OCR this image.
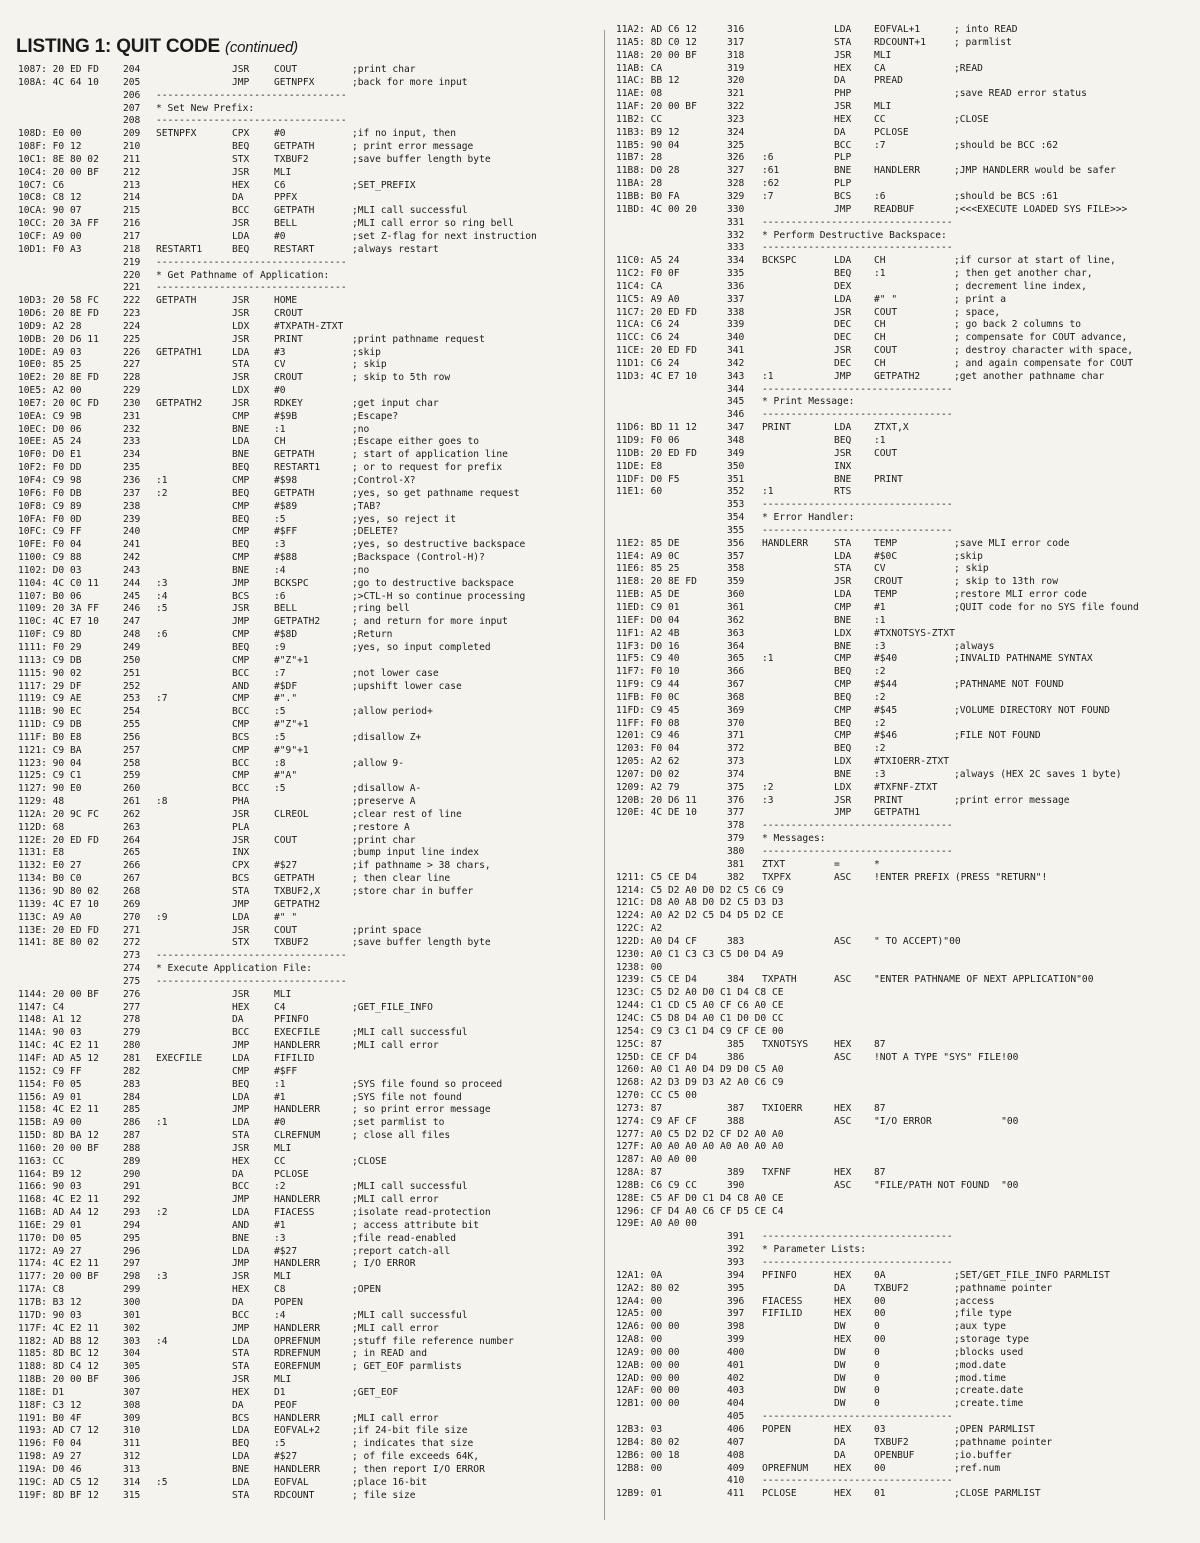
LISTING 1: QUIT CODE (continued)
1087: 20 ED FD	204	JSR	COUT	;print char
108A: 4C 64 10	205	JMP	GETNPFX	;back for more input
206 ---------------------------------
207 * Set New Prefix:
208 ---------------------------------
108D: E0 00	209 SETNPFX	CPX	#0	;if no input, then
108F: F0 12	210	BEQ	GETPATH	; print error message
10C1: 8E 80 02	211	STX	TXBUF2	;save buffer length byte
10C4: 20 00 BF	212	JSR	MLI
10C7: C6	213	HEX	C6	;SET_PREFIX
10C8: C8 12	214	DA	PPFX
10CA: 90 07	215	BCC	GETPATH	;MLI call successful
10CC: 20 3A FF	216	JSR	BELL	;MLI call error so ring bell
10CF: A9 00	217	LDA	#0	;set Z-flag for next instruction
10D1: F0 A3	218 RESTART1	BEQ	RESTART	;always restart
219 ---------------------------------
220 * Get Pathname of Application:
221 ---------------------------------
10D3: 20 58 FC	222 GETPATH	JSR	HOME
10D6: 20 8E FD	223	JSR	CROUT
10D9: A2 28	224	LDX	#TXPATH-ZTXT
10DB: 20 D6 11	225	JSR	PRINT	;print pathname request
10DE: A9 03	226 GETPATH1	LDA	#3	;skip
10E0: 85 25	227	STA	CV	; skip
10E2: 20 8E FD	228	JSR	CROUT	; skip to 5th row
10E5: A2 00	229	LDX	#0
10E7: 20 0C FD	230 GETPATH2	JSR	RDKEY	;get input char
10EA: C9 9B	231	CMP	#$9B	;Escape?
10EC: D0 06	232	BNE	:1	;no
10EE: A5 24	233	LDA	CH	;Escape either goes to
10F0: D0 E1	234	BNE	GETPATH	; start of application line
10F2: F0 DD	235	BEQ	RESTART1	; or to request for prefix
10F4: C9 98	236 :1	CMP	#$98	;Control-X?
10F6: F0 DB	237 :2	BEQ	GETPATH	;yes, so get pathname request
10F8: C9 89	238	CMP	#$89	;TAB?
10FA: F0 0D	239	BEQ	:5	;yes, so reject it
10FC: C9 FF	240	CMP	#$FF	;DELETE?
10FE: F0 04	241	BEQ	:3	;yes, so destructive backspace
1100: C9 88	242	CMP	#$88	;Backspace (Control-H)?
1102: D0 03	243	BNE	:4	;no
1104: 4C C0 11	244 :3	JMP	BCKSPC	;go to destructive backspace
1107: B0 06	245 :4	BCS	:6	;>CTL-H so continue processing
1109: 20 3A FF	246 :5	JSR	BELL	;ring bell
110C: 4C E7 10	247	JMP	GETPATH2	; and return for more input
110F: C9 8D	248 :6	CMP	#$8D	;Return
1111: F0 29	249	BEQ	:9	;yes, so input completed
1113: C9 DB	250	CMP	#"Z"+1
1115: 90 02	251	BCC	:7	;not lower case
1117: 29 DF	252	AND	#$DF	;upshift lower case
1119: C9 AE	253 :7	CMP	#"."
111B: 90 EC	254	BCC	:5	;allow period+
111D: C9 DB	255	CMP	#"Z"+1
111F: B0 E8	256	BCS	:5	;disallow Z+
1121: C9 BA	257	CMP	#"9"+1
1123: 90 04	258	BCC	:8	;allow 9-
1125: C9 C1	259	CMP	#"A"
1127: 90 E0	260	BCC	:5	;disallow A-
1129: 48	261 :8	PHA	;preserve A
112A: 20 9C FC	262	JSR	CLREOL	;clear rest of line
112D: 68	263	PLA	;restore A
112E: 20 ED FD	264	JSR	COUT	;print char
1131: E8	265	INX	;bump input line index
1132: E0 27	266	CPX	#$27	;if pathname > 38 chars,
1134: B0 C0	267	BCS	GETPATH	; then clear line
1136: 9D 80 02	268	STA	TXBUF2,X	;store char in buffer
1139: 4C E7 10	269	JMP	GETPATH2
113C: A9 A0	270 :9	LDA	#" "
113E: 20 ED FD	271	JSR	COUT	;print space
1141: 8E 80 02	272	STX	TXBUF2	;save buffer length byte
273 ---------------------------------
274 * Execute Application File:
275 ---------------------------------
1144: 20 00 BF	276	JSR	MLI
1147: C4	277	HEX	C4	;GET_FILE_INFO
1148: A1 12	278	DA	PFINFO
114A: 90 03	279	BCC	EXECFILE	;MLI call successful
114C: 4C E2 11	280	JMP	HANDLERR	;MLI call error
114F: AD A5 12	281 EXECFILE	LDA	FIFILID
1152: C9 FF	282	CMP	#$FF
1154: F0 05	283	BEQ	:1	;SYS file found so proceed
1156: A9 01	284	LDA	#1	;SYS file not found
1158: 4C E2 11	285	JMP	HANDLERR	; so print error message
115B: A9 00	286 :1	LDA	#0	;set parmlist to
115D: 8D BA 12	287	STA	CLREFNUM	; close all files
1160: 20 00 BF	288	JSR	MLI
1163: CC	289	HEX	CC	;CLOSE
1164: B9 12	290	DA	PCLOSE
1166: 90 03	291	BCC	:2	;MLI call successful
1168: 4C E2 11	292	JMP	HANDLERR	;MLI call error
116B: AD A4 12	293 :2	LDA	FIACESS	;isolate read-protection
116E: 29 01	294	AND	#1	; access attribute bit
1170: D0 05	295	BNE	:3	;file read-enabled
1172: A9 27	296	LDA	#$27	;report catch-all
1174: 4C E2 11	297	JMP	HANDLERR	; I/O ERROR
1177: 20 00 BF	298 :3	JSR	MLI
117A: C8	299	HEX	C8	;OPEN
117B: B3 12	300	DA	POPEN
117D: 90 03	301	BCC	:4	;MLI call successful
117F: 4C E2 11	302	JMP	HANDLERR	;MLI call error
1182: AD B8 12	303 :4	LDA	OPREFNUM	;stuff file reference number
1185: 8D BC 12	304	STA	RDREFNUM	; in READ and
1188: 8D C4 12	305	STA	EOREFNUM	; GET_EOF parmlists
118B: 20 00 BF	306	JSR	MLI
118E: D1	307	HEX	D1	;GET_EOF
118F: C3 12	308	DA	PEOF
1191: B0 4F	309	BCS	HANDLERR	;MLI call error
1193: AD C7 12	310	LDA	EOFVAL+2	;if 24-bit file size
1196: F0 04	311	BEQ	:5	; indicates that size
1198: A9 27	312	LDA	#$27	; of file exceeds 64K,
119A: D0 46	313	BNE	HANDLERR	; then report I/O ERROR
119C: AD C5 12	314 :5	LDA	EOFVAL	;place 16-bit
119F: 8D BF 12	315	STA	RDCOUNT	; file size
11A2: AD C6 12	316	LDA EOFVAL+1	; into READ
11A5: 8D C0 12	317	STA RDCOUNT+1	; parmlist
11A8: 20 00 BF	318	JSR MLI
11AB: CA	319	HEX CA	;READ
11AC: BB 12	320	DA	PREAD
11AE: 08	321	PHP	;save READ error status
11AF: 20 00 BF	322	JSR MLI
11B2: CC	323	HEX CC	;CLOSE
11B3: B9 12	324	DA	PCLOSE
11B5: 90 04	325	BCC :7	;should be BCC :62
11B7: 28	326 :6	PLP
11B8: D0 28	327 :61	BNE HANDLERR	;JMP HANDLERR would be safer
11BA: 28	328 :62	PLP
11BB: B0 FA	329 :7	BCS :6	;should be BCS :61
11BD: 4C 00 20	330	JMP READBUF	;<<<EXECUTE LOADED SYS FILE>>>
331 ---------------------------------
332 * Perform Destructive Backspace:
333 ---------------------------------
11C0: A5 24	334 BCKSPC	LDA CH	;if cursor at start of line,
11C2: F0 0F	335	BEQ :1	; then get another char,
11C4: CA	336	DEX	; decrement line index,
11C5: A9 A0	337	LDA #" "	; print a
11C7: 20 ED FD	338	JSR COUT	; space,
11CA: C6 24	339	DEC CH	; go back 2 columns to
11CC: C6 24	340	DEC CH	; compensate for COUT advance,
11CE: 20 ED FD	341	JSR COUT	; destroy character with space,
11D1: C6 24	342	DEC CH	; and again compensate for COUT
11D3: 4C E7 10	343 :1	JMP GETPATH2	;get another pathname char
344 ---------------------------------
345 * Print Message:
346 ---------------------------------
11D6: BD 11 12	347 PRINT	LDA ZTXT,X
11D9: F0 06	348	BEQ :1
11DB: 20 ED FD	349	JSR COUT
11DE: E8	350	INX
11DF: D0 F5	351	BNE PRINT
11E1: 60	352 :1	RTS
353 ---------------------------------
354 * Error Handler:
355 ---------------------------------
11E2: 85 DE	356 HANDLERR	STA TEMP	;save MLI error code
11E4: A9 0C	357	LDA #$0C	;skip
11E6: 85 25	358	STA CV	; skip
11E8: 20 8E FD	359	JSR CROUT	; skip to 13th row
11EB: A5 DE	360	LDA TEMP	;restore MLI error code
11ED: C9 01	361	CMP #1	;QUIT code for no SYS file found
11EF: D0 04	362	BNE :1
11F1: A2 4B	363	LDX #TXNOTSYS-ZTXT
11F3: D0 16	364	BNE :3	;always
11F5: C9 40	365 :1	CMP #$40	;INVALID PATHNAME SYNTAX
11F7: F0 10	366	BEQ :2
11F9: C9 44	367	CMP #$44	;PATHNAME NOT FOUND
11FB: F0 0C	368	BEQ :2
11FD: C9 45	369	CMP #$45	;VOLUME DIRECTORY NOT FOUND
11FF: F0 08	370	BEQ :2
1201: C9 46	371	CMP #$46	;FILE NOT FOUND
1203: F0 04	372	BEQ :2
1205: A2 62	373	LDX #TXIOERR-ZTXT
1207: D0 02	374	BNE :3	;always (HEX 2C saves 1 byte)
1209: A2 79	375 :2	LDX #TXFNF-ZTXT
120B: 20 D6 11	376 :3	JSR PRINT	;print error message
120E: 4C DE 10	377	JMP GETPATH1
378 ---------------------------------
379 * Messages:
380 ---------------------------------
381 ZTXT	=	*
1211: C5 CE D4	382 TXPFX	ASC !ENTER PREFIX (PRESS "RETURN"!
1214: C5 D2 A0 D0 D2 C5 C6 C9
121C: D8 A0 A8 D0 D2 C5 D3 D3
1224: A0 A2 D2 C5 D4 D5 D2 CE
122C: A2
122D: A0 D4 CF	383	ASC " TO ACCEPT)"00
1230: A0 C1 C3 C3 C5 D0 D4 A9
1238: 00
1239: C5 CE D4	384 TXPATH	ASC "ENTER PATHNAME OF NEXT APPLICATION"00
123C: C5 D2 A0 D0 C1 D4 C8 CE
1244: C1 CD C5 A0 CF C6 A0 CE
124C: C5 D8 D4 A0 C1 D0 D0 CC
1254: C9 C3 C1 D4 C9 CF CE 00
125C: 87	385 TXNOTSYS	HEX 87
125D: CE CF D4	386	ASC !NOT A TYPE "SYS" FILE!00
1260: A0 C1 A0 D4 D9 D0 C5 A0
1268: A2 D3 D9 D3 A2 A0 C6 C9
1270: CC C5 00
1273: 87	387 TXIOERR	HEX 87
1274: C9 AF CF	388	ASC "I/O ERROR            "00
1277: A0 C5 D2 D2 CF D2 A0 A0
127F: A0 A0 A0 A0 A0 A0 A0 A0
1287: A0 A0 00
128A: 87	389 TXFNF	HEX 87
128B: C6 C9 CC	390	ASC "FILE/PATH NOT FOUND  "00
128E: C5 AF D0 C1 D4 C8 A0 CE
1296: CF D4 A0 C6 CF D5 CE C4
129E: A0 A0 00
391 ---------------------------------
392 * Parameter Lists:
393 ---------------------------------
12A1: 0A	394 PFINFO	HEX 0A	;SET/GET_FILE_INFO PARMLIST
12A2: 80 02	395	DA	TXBUF2	;pathname pointer
12A4: 00	396 FIACESS	HEX 00	;access
12A5: 00	397 FIFILID	HEX 00	;file type
12A6: 00 00	398	DW	0	;aux type
12A8: 00	399	HEX 00	;storage type
12A9: 00 00	400	DW	0	;blocks used
12AB: 00 00	401	DW	0	;mod.date
12AD: 00 00	402	DW	0	;mod.time
12AF: 00 00	403	DW	0	;create.date
12B1: 00 00	404	DW	0	;create.time
405 ---------------------------------
12B3: 03	406 POPEN	HEX 03	;OPEN PARMLIST
12B4: 80 02	407	DA	TXBUF2	;pathname pointer
12B6: 00 18	408	DA	OPENBUF	;io.buffer
12B8: 00	409 OPREFNUM	HEX 00	;ref.num
410 ---------------------------------
12B9: 01	411 PCLOSE	HEX 01	;CLOSE PARMLIST
